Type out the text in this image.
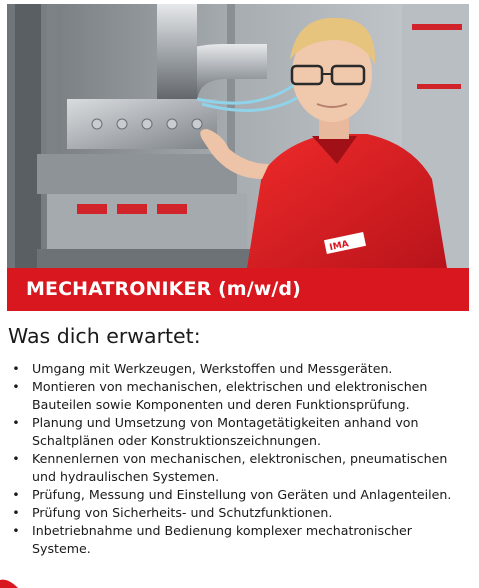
IMA
MECHATRONIKER (m/w/d)
Was dich erwartet:
• Umgang mit Werkzeugen, Werkstoffen und Messgeräten.
• Montieren von mechanischen, elektrischen und elektronischen Bauteilen sowie Komponenten und deren Funktionsprüfung.
• Planung und Umsetzung von Montagetätigkeiten anhand von Schaltplänen oder Konstruktionszeichnungen.
• Kennenlernen von mechanischen, elektronischen, pneumatischen und hydraulischen Systemen.
• Prüfung, Messung und Einstellung von Geräten und Anlagenteilen.
• Prüfung von Sicherheits- und Schutzfunktionen.
• Inbetriebnahme und Bedienung komplexer mechatronischer Systeme.
